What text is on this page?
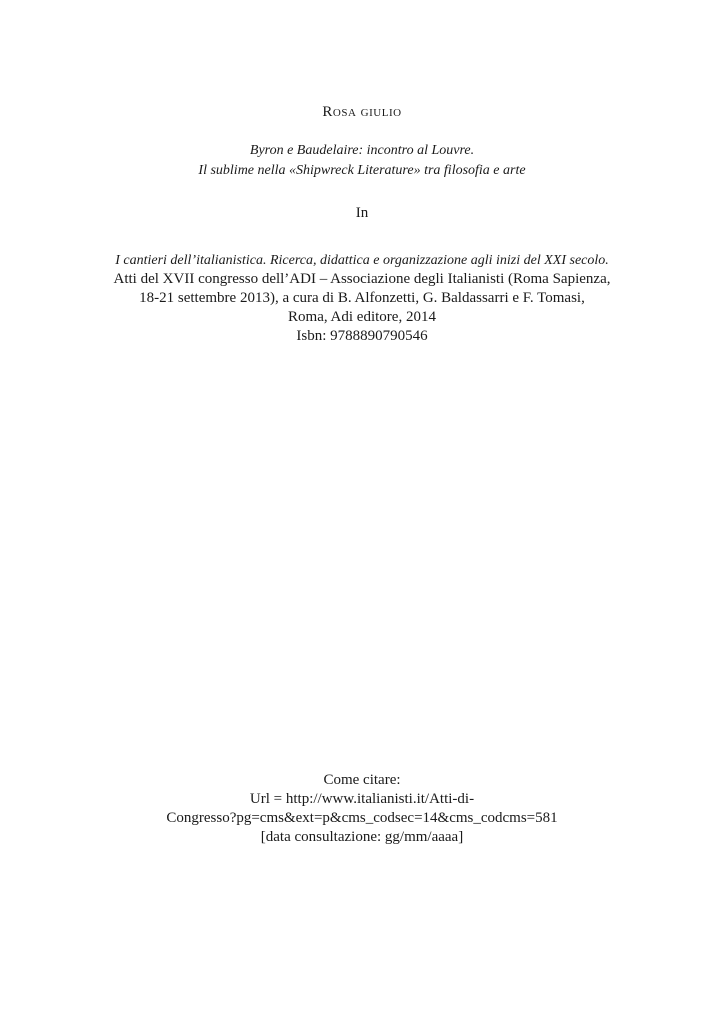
Rosa giulio
Byron e Baudelaire: incontro al Louvre.
Il sublime nella «Shipwreck Literature» tra filosofia e arte
In
I cantieri dell’italianistica. Ricerca, didattica e organizzazione agli inizi del XXI secolo.
Atti del XVII congresso dell’ADI – Associazione degli Italianisti (Roma Sapienza,
18-21 settembre 2013), a cura di B. Alfonzetti, G. Baldassarri e F. Tomasi,
Roma, Adi editore, 2014
Isbn: 9788890790546
Come citare:
Url = http://www.italianisti.it/Atti-di-
Congresso?pg=cms&ext=p&cms_codsec=14&cms_codcms=581
[data consultazione: gg/mm/aaaa]
